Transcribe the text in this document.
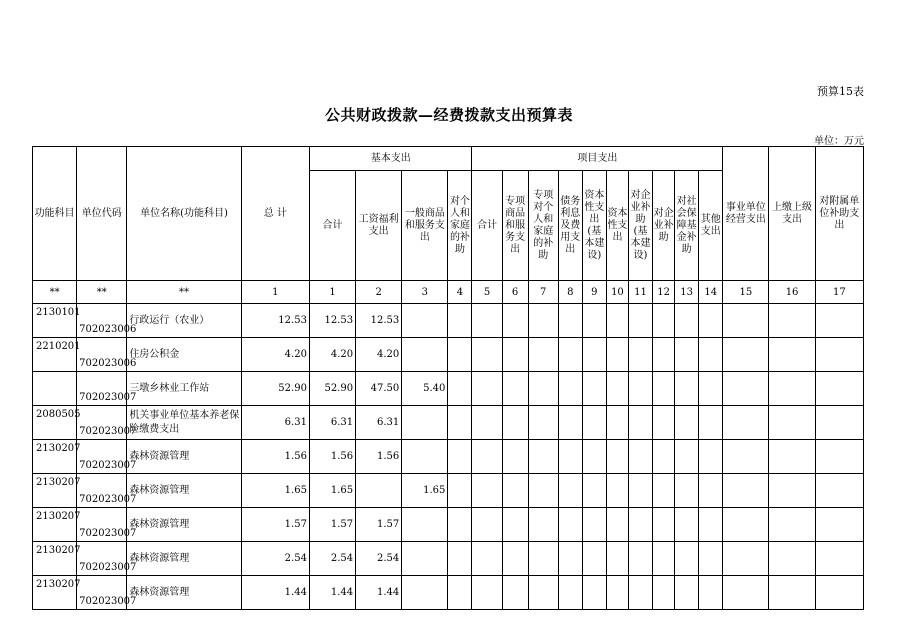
预算15表
公共财政拨款—经费拨款支出预算表
单位：万元
功能科目	单位代码	单位名称(功能科目)	总 计	基本支出				项目支出										事业单位经营支出	上缴上级支出	对附属单位补助支出
				合计	工资福利支出	一般商品和服务支出	对个人和家庭的补助	合计	专项商品和服务支出	专项对个人和家庭的补助	债务利息及费用支出	资本性支出(基本建设)	资本性支出	对企业补助(基本建设)	对企业补助	对社会保障基金补助	其他支出			
**	**	**	1	1	2	3	4	5	6	7	8	9	10	11	12	13	14	15	16	17
2130101	702023006	行政运行（农业）	12.53	12.53	12.53															
2210201	702023006	住房公积金	4.20	4.20	4.20															
	702023007	三墩乡林业工作站	52.90	52.90	47.50	5.40														
2080505	702023007	机关事业单位基本养老保险缴费支出	6.31	6.31	6.31															
2130207	702023007	森林资源管理	1.56	1.56	1.56															
2130207	702023007	森林资源管理	1.65	1.65		1.65														
2130207	702023007	森林资源管理	1.57	1.57	1.57															
2130207	702023007	森林资源管理	2.54	2.54	2.54															
2130207	702023007	森林资源管理	1.44	1.44	1.44															
